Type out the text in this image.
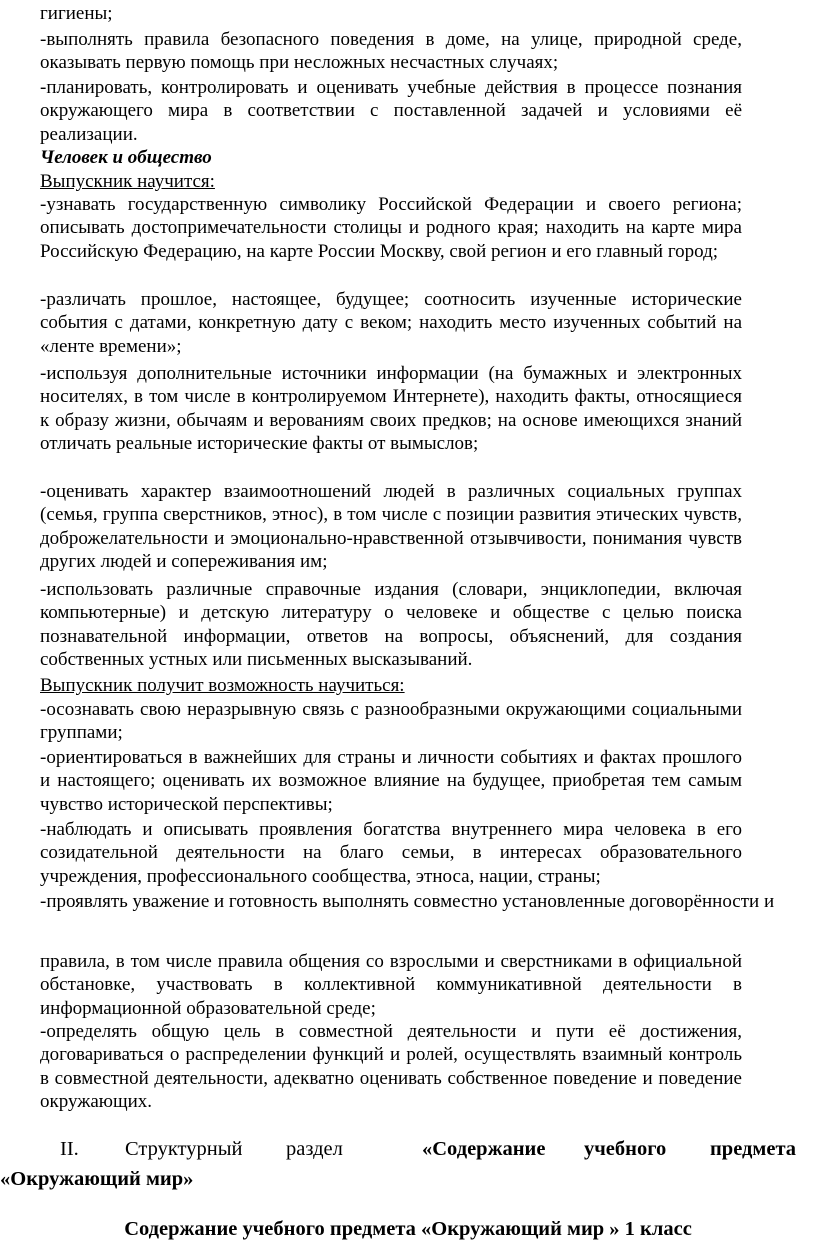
гигиены;

-выполнять правила безопасного поведения в доме, на улице, природной среде, оказывать первую помощь при несложных несчастных случаях;

-планировать, контролировать и оценивать учебные действия в процессе познания окружающего мира в соответствии с поставленной задачей и условиями её реализации.

Человек и общество

Выпускник научится:

-узнавать государственную символику Российской Федерации и своего региона; описывать достопримечательности столицы и родного края; находить на карте мира Российскую Федерацию, на карте России Москву, свой регион и его главный город;

-различать прошлое, настоящее, будущее; соотносить изученные исторические события с датами, конкретную дату с веком; находить место изученных событий на «ленте времени»;

-используя дополнительные источники информации (на бумажных и электронных носителях, в том числе в контролируемом Интернете), находить факты, относящиеся к образу жизни, обычаям и верованиям своих предков; на основе имеющихся знаний отличать реальные исторические факты от вымыслов;

-оценивать характер взаимоотношений людей в различных социальных группах (семья, группа сверстников, этнос), в том числе с позиции развития этических чувств, доброжелательности и эмоционально-нравственной отзывчивости, понимания чувств других людей и сопереживания им;

-использовать различные справочные издания (словари, энциклопедии, включая компьютерные) и детскую литературу о человеке и обществе с целью поиска познавательной информации, ответов на вопросы, объяснений, для создания собственных устных или письменных высказываний.

Выпускник получит возможность научиться:

-осознавать свою неразрывную связь с разнообразными окружающими социальными группами;

-ориентироваться в важнейших для страны и личности событиях и фактах прошлого и настоящего; оценивать их возможное влияние на будущее, приобретая тем самым чувство исторической перспективы;

-наблюдать и описывать проявления богатства внутреннего мира человека в его созидательной деятельности на благо семьи, в интересах образовательного учреждения, профессионального сообщества, этноса, нации, страны;

-проявлять уважение и готовность выполнять совместно установленные договорённости и

правила, в том числе правила общения со взрослыми и сверстниками в официальной обстановке, участвовать в коллективной коммуникативной деятельности в информационной образовательной среде;

-определять общую цель в совместной деятельности и пути её достижения, договариваться о распределении функций и ролей, осуществлять взаимный контроль в совместной деятельности, адекватно оценивать собственное поведение и поведение окружающих.

II. Структурный раздел	«Содержание учебного предмета

«Окружающий мир»

Содержание учебного предмета «Окружающий мир » 1 класс
